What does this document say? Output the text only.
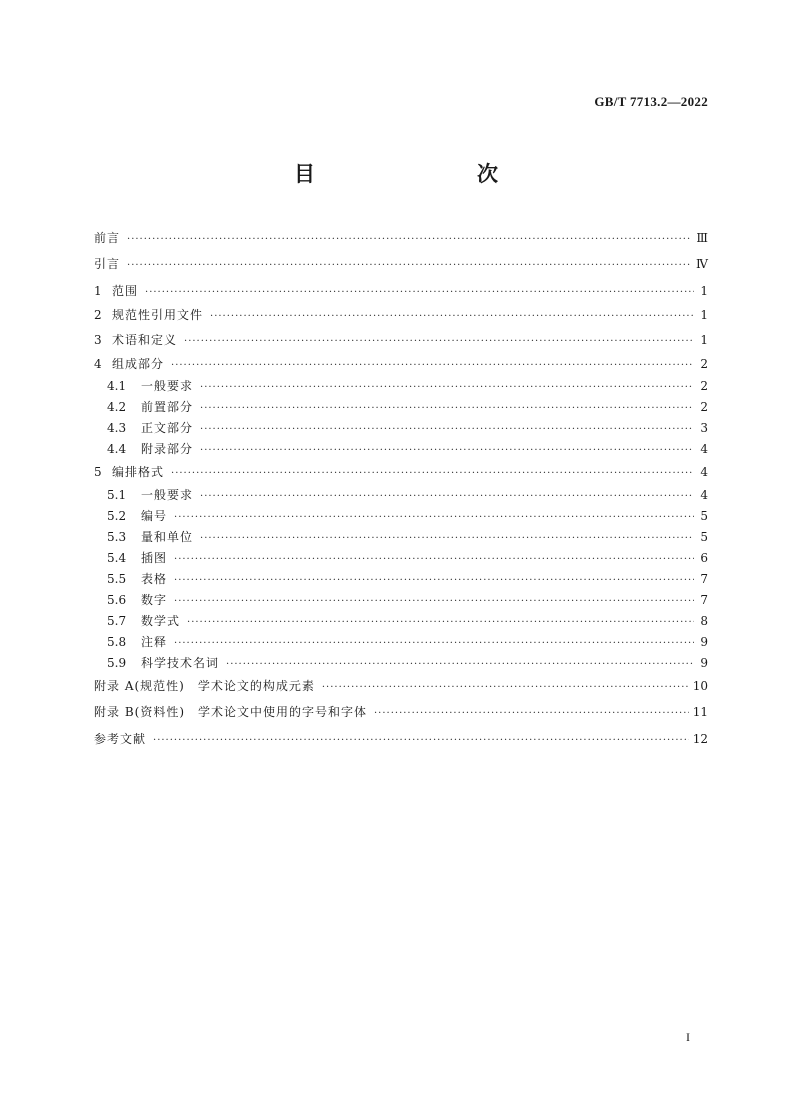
GB/T 7713.2—2022
目　　次
前言 ·····	Ⅲ
引言 ·····	Ⅳ
1 范围 ·····	1
2 规范性引用文件 ·····	1
3 术语和定义 ·····	1
4 组成部分 ·····	2
4.1	一般要求 ·····	2
4.2	前置部分 ·····	2
4.3	正文部分 ·····	3
4.4	附录部分 ·····	4
5 编排格式 ·····	4
5.1	一般要求 ·····	4
5.2	编号 ·····	5
5.3	量和单位 ·····	5
5.4	插图 ·····	6
5.5	表格 ·····	7
5.6	数字 ·····	7
5.7	数学式 ·····	8
5.8	注释 ·····	9
5.9	科学技术名词 ·····	9
附录 A(规范性)　学术论文的构成元素 ·····	10
附录 B(资料性)　学术论文中使用的字号和字体 ·····	11
参考文献 ·····	12
I
